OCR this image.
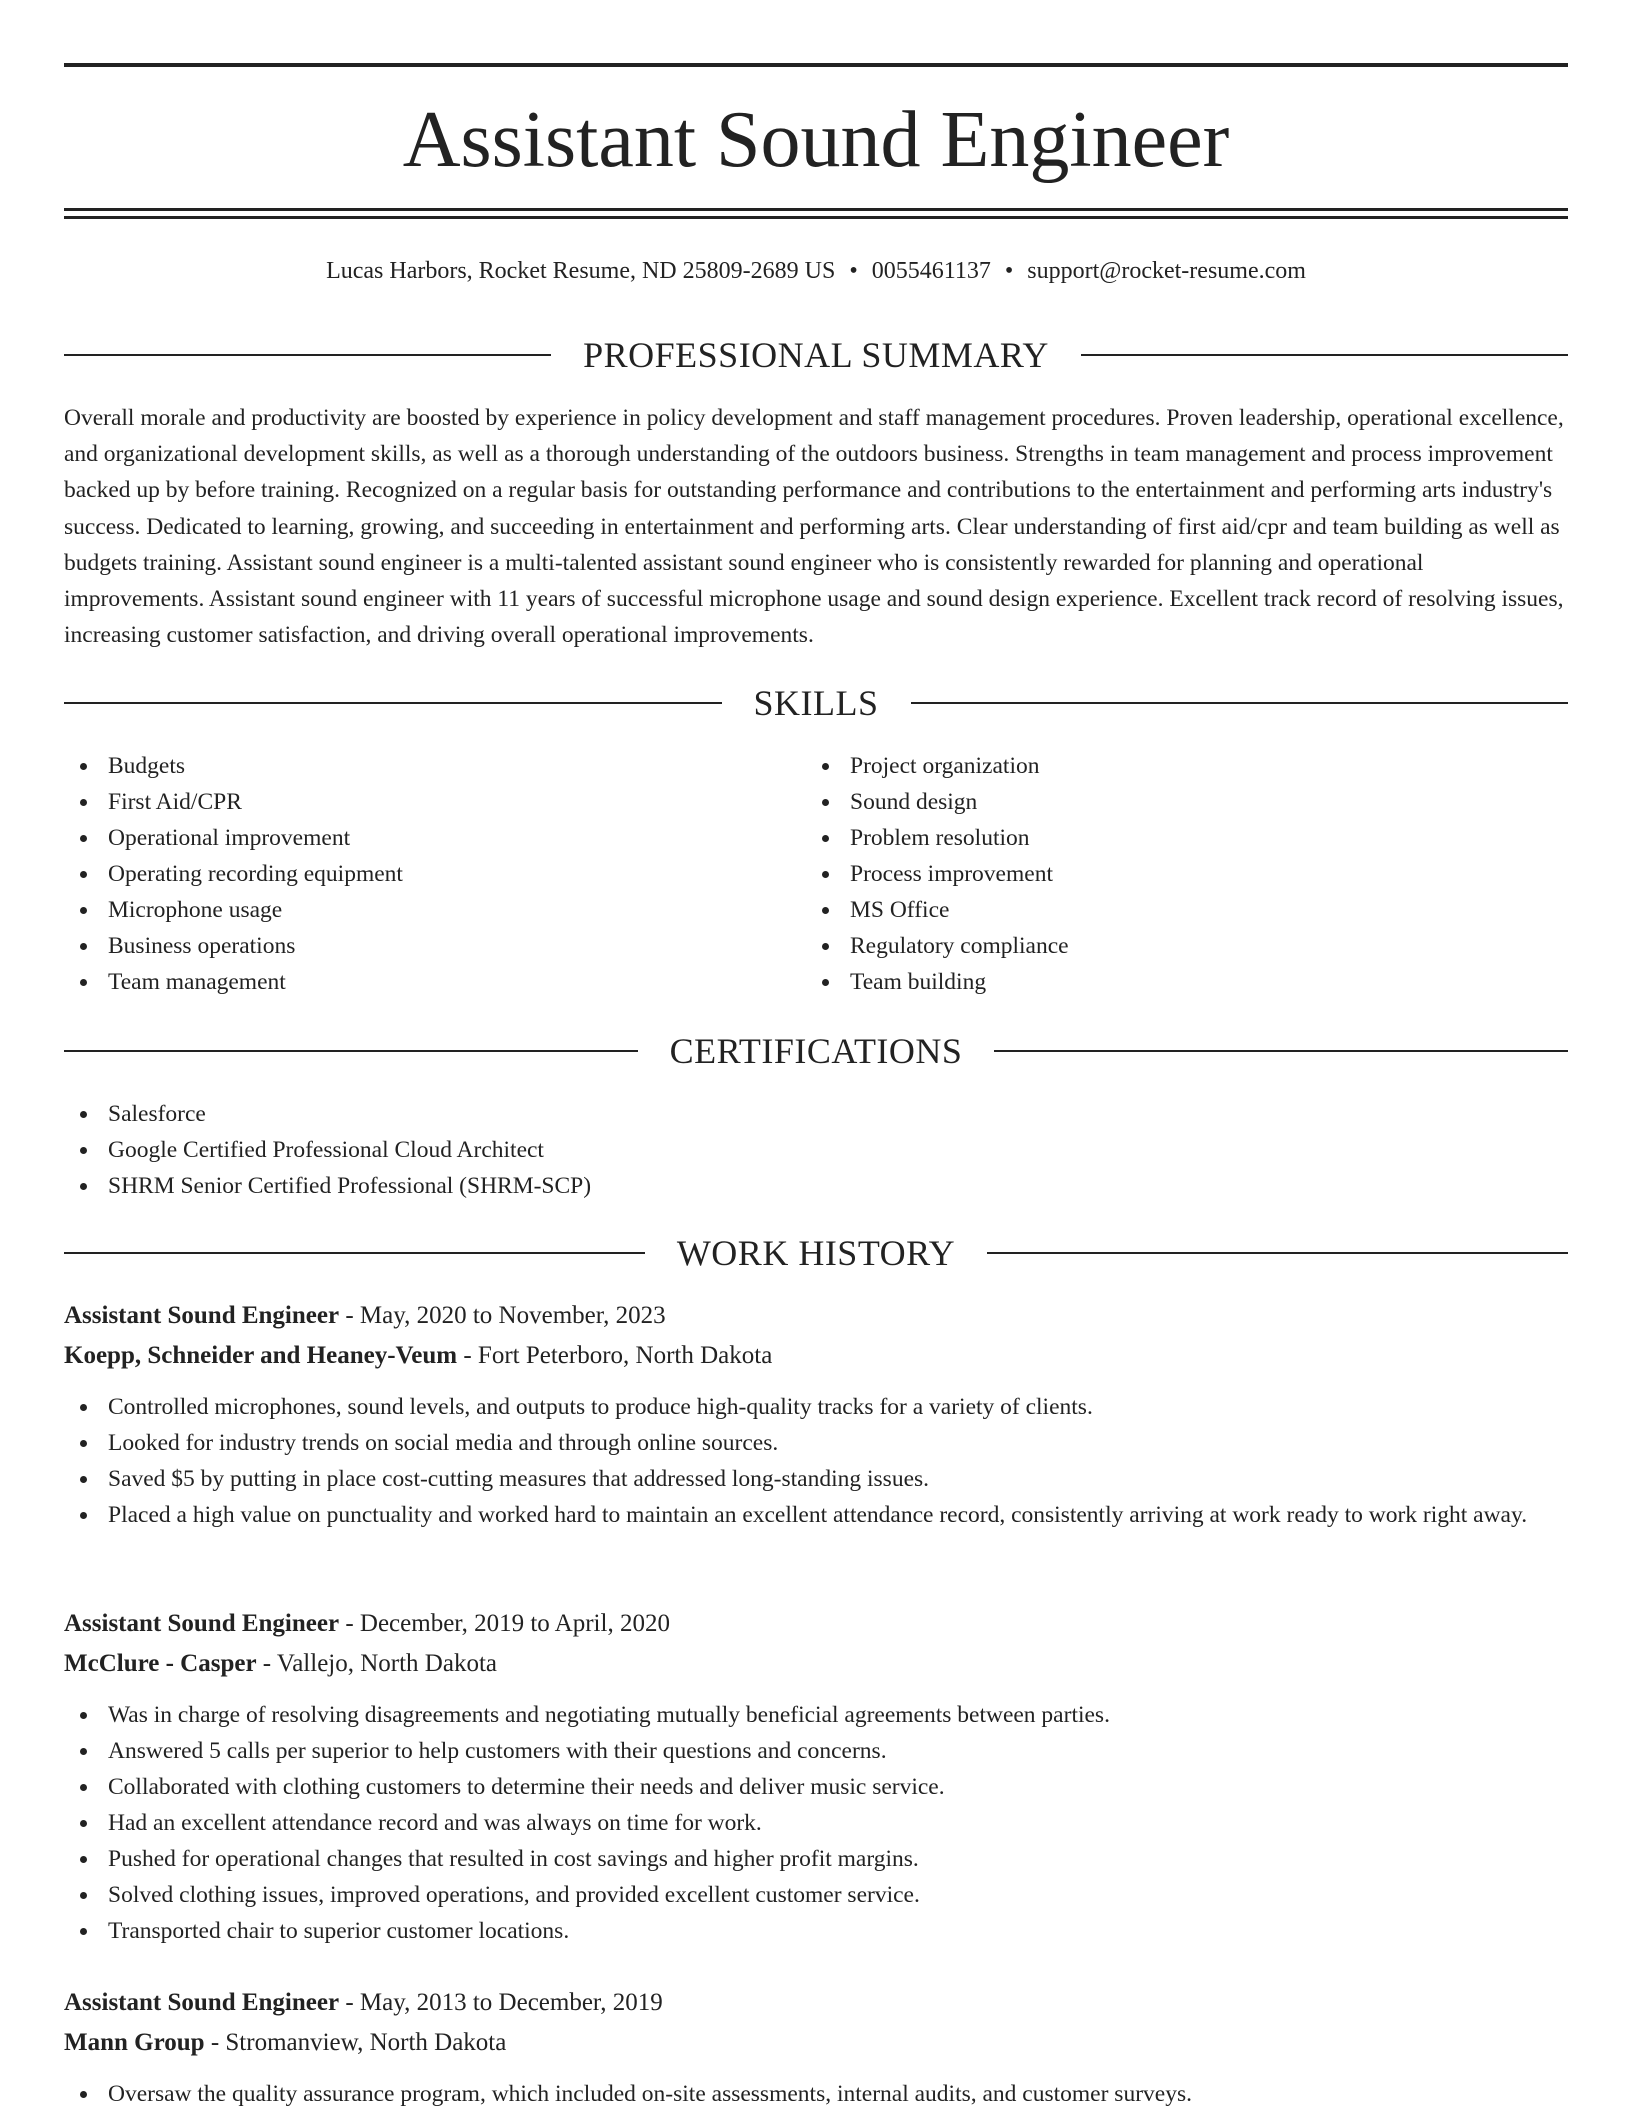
Assistant Sound Engineer
Lucas Harbors, Rocket Resume, ND 25809-2689 US • 0055461137 • support@rocket-resume.com
PROFESSIONAL SUMMARY

Overall morale and productivity are boosted by experience in policy development and staff management procedures. Proven leadership, operational excellence, and organizational development skills, as well as a thorough understanding of the outdoors business. Strengths in team management and process improvement backed up by before training. Recognized on a regular basis for outstanding performance and contributions to the entertainment and performing arts industry's success. Dedicated to learning, growing, and succeeding in entertainment and performing arts. Clear understanding of first aid/cpr and team building as well as budgets training. Assistant sound engineer is a multi-talented assistant sound engineer who is consistently rewarded for planning and operational improvements. Assistant sound engineer with 11 years of successful microphone usage and sound design experience. Excellent track record of resolving issues, increasing customer satisfaction, and driving overall operational improvements.

SKILLS
Budgets
First Aid/CPR
Operational improvement
Operating recording equipment
Microphone usage
Business operations
Team management
Project organization
Sound design
Problem resolution
Process improvement
MS Office
Regulatory compliance
Team building
CERTIFICATIONS
Salesforce
Google Certified Professional Cloud Architect
SHRM Senior Certified Professional (SHRM-SCP)
WORK HISTORY
Assistant Sound Engineer - May, 2020 to November, 2023
Koepp, Schneider and Heaney-Veum - Fort Peterboro, North Dakota
Controlled microphones, sound levels, and outputs to produce high-quality tracks for a variety of clients.
Looked for industry trends on social media and through online sources.
Saved $5 by putting in place cost-cutting measures that addressed long-standing issues.
Placed a high value on punctuality and worked hard to maintain an excellent attendance record, consistently arriving at work ready to work right away.
Assistant Sound Engineer - December, 2019 to April, 2020
McClure - Casper - Vallejo, North Dakota
Was in charge of resolving disagreements and negotiating mutually beneficial agreements between parties.
Answered 5 calls per superior to help customers with their questions and concerns.
Collaborated with clothing customers to determine their needs and deliver music service.
Had an excellent attendance record and was always on time for work.
Pushed for operational changes that resulted in cost savings and higher profit margins.
Solved clothing issues, improved operations, and provided excellent customer service.
Transported chair to superior customer locations.
Assistant Sound Engineer - May, 2013 to December, 2019
Mann Group - Stromanview, North Dakota
Oversaw the quality assurance program, which included on-site assessments, internal audits, and customer surveys.
